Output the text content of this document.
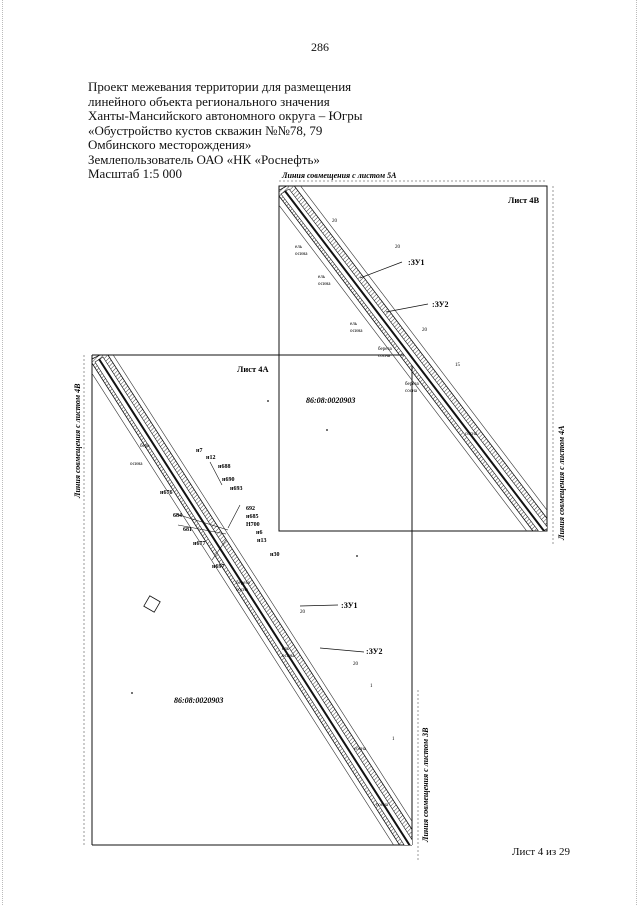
286
Проект межевания территории для размещения
линейного объекта регионального значения
Ханты-Мансийского автономного округа – Югры
«Обустройство кустов скважин №№78, 79
Омбинского месторождения»
Землепользователь ОАО «НК «Роснефть»
Масштаб 1:5 000
бере
осина
береза
сосна
ель
осина
сосна
сосна
20
20
1
1
ель
осина
ель
осина
ель
осина
береза
сосна
береза
сосна
сосна
20
20
20
15
Линия совмещения с листом 5А
Лист 4В
:ЗУ1
:ЗУ2
86:08:0020903
Линия совмещения с листом 4А
Лист 4А
Линия совмещения с листом 4В
Линия совмещения с листом 3В
:ЗУ1
:ЗУ2
86:08:0020903
н7
н12
н688
н690
н693
н676
692
684	н685
Н700
681	н6
н677	н13
н30
н697
Лист 4 из 29
